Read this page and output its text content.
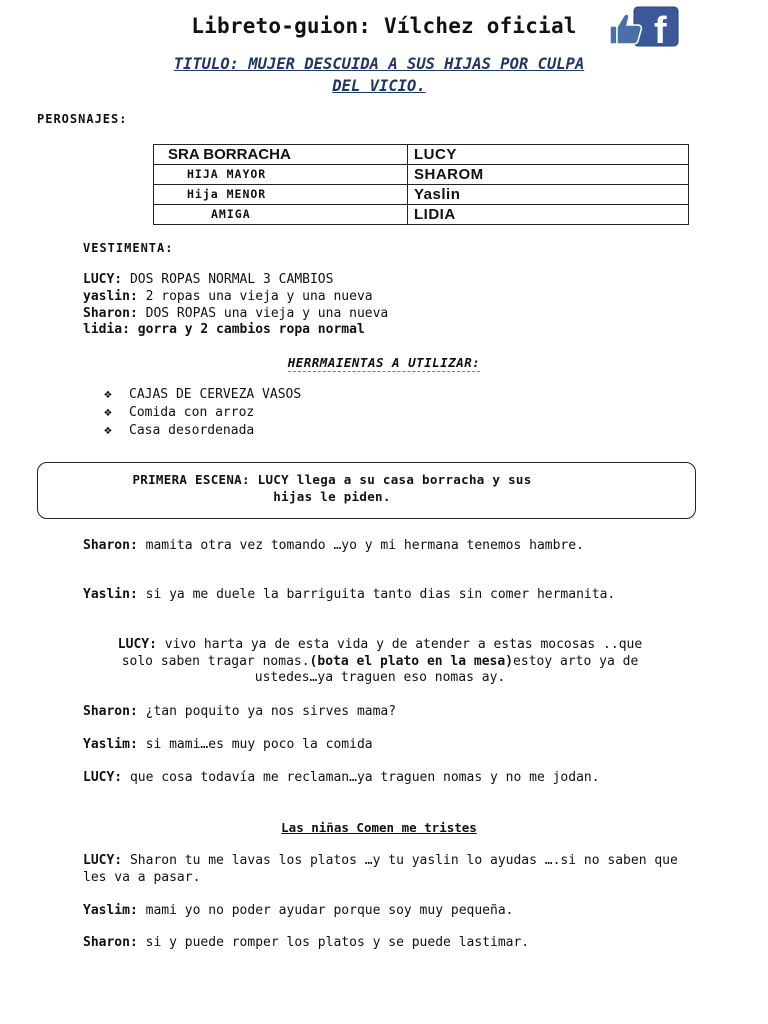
Libreto-guion: Vílchez oficial	f
TITULO: MUJER DESCUIDA A SUS HIJAS POR CULPA
DEL VICIO.
PEROSNAJES:
SRA BORRACHA	LUCY
HIJA MAYOR	SHAROM
Hija MENOR	Yaslin
AMIGA	LIDIA
VESTIMENTA:
LUCY: DOS ROPAS NORMAL 3 CAMBIOS
yaslin: 2 ropas una vieja y una nueva
Sharon: DOS ROPAS una vieja y una nueva
lidia: gorra y 2 cambios ropa normal
HERRMAIENTAS A UTILIZAR:
❖ CAJAS DE CERVEZA VASOS
❖ Comida con arroz
❖ Casa desordenada
PRIMERA ESCENA: LUCY llega a su casa borracha y sus
hijas le piden.
Sharon: mamita otra vez tomando …yo y mi hermana tenemos hambre.
Yaslin: si ya me duele la barriguita tanto dias sin comer hermanita.
LUCY: vivo harta ya de esta vida y de atender a estas mocosas ..que solo saben tragar nomas.(bota el plato en la mesa)estoy arto ya de ustedes…ya traguen eso nomas ay.
Sharon: ¿tan poquito ya nos sirves mama?
Yaslim: si mami…es muy poco la comida
LUCY: que cosa todavía me reclaman…ya traguen nomas y no me jodan.
Las niñas Comen me tristes
LUCY: Sharon tu me lavas los platos …y tu yaslin lo ayudas ….si no saben que les va a pasar.
Yaslim: mami yo no poder ayudar porque soy muy pequeña.
Sharon: si y puede romper los platos y se puede lastimar.
